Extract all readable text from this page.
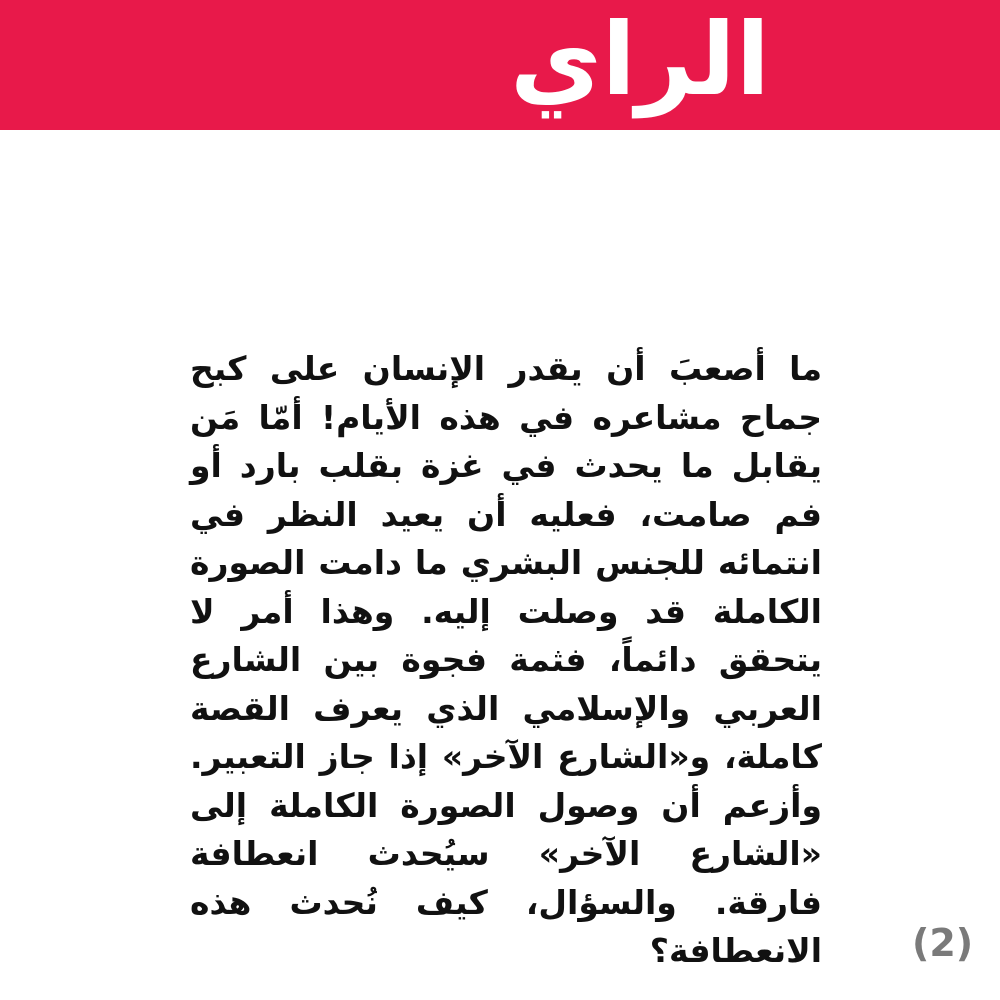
الراي
ما أصعبَ أن يقدر الإنسان على كبح جماح مشاعره في هذه الأيام! أمّا مَن يقابل ما يحدث في غزة بقلب بارد أو فم صامت، فعليه أن يعيد النظر في انتمائه للجنس البشري ما دامت الصورة الكاملة قد وصلت إليه. وهذا أمر لا يتحقق دائماً، فثمة فجوة بين الشارع العربي والإسلامي الذي يعرف القصة كاملة، و«الشارع الآخر» إذا جاز التعبير. وأزعم أن وصول الصورة الكاملة إلى «الشارع الآخر» سيُحدث انعطافة فارقة. والسؤال، كيف نُحدث هذه الانعطافة؟ (2)
